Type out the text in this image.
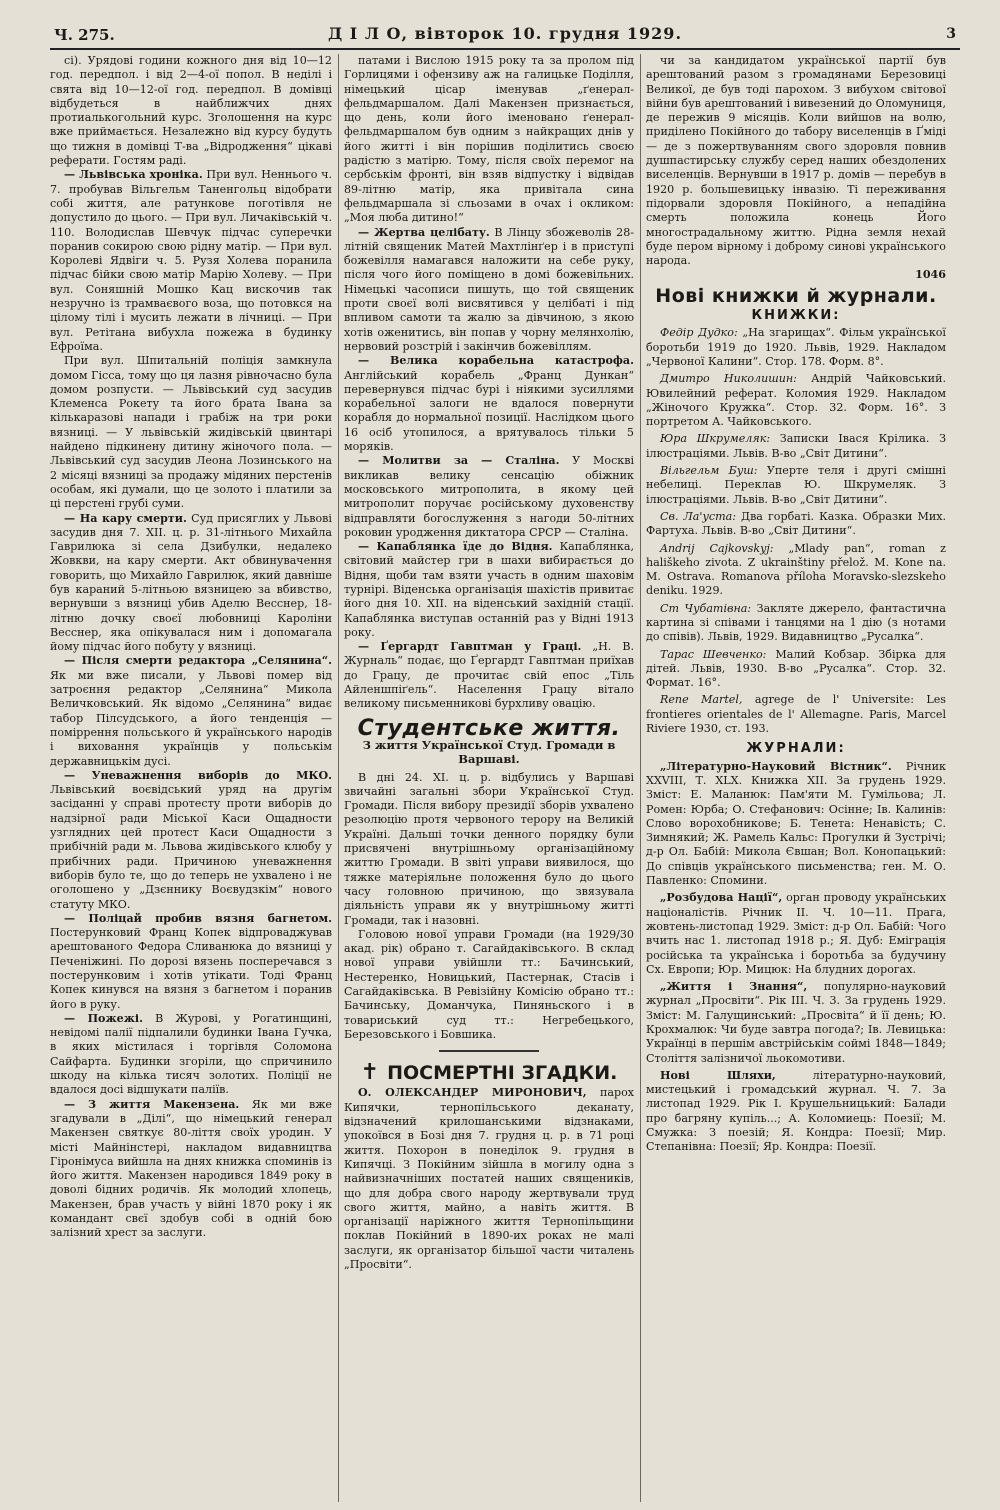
Ч. 275.	Д І Л О, вівторок 10. грудня 1929.	3

сі). Урядові години кожного дня від 10—12 год. передпол. і від 2—4-ої попол. В неділі і свята від 10—12-ої год. передпол. В домівці відбудеться в найближчих днях протиалькогольний курс. Зголошення на курс вже приймається. Незалежно від курсу будуть що тижня в домівці Т-ва „Відродження“ цікаві реферати. Гостям раді.

— Львівська хроніка. При вул. Неннього ч. 7. пробував Вільгельм Таненгольц відобрати собі життя, але ратункове поготівля не допустило до цього. — При вул. Личаківській ч. 110. Володислав Шевчук підчас суперечки поранив сокирою свою рідну матір. — При вул. Королеві Ядвіги ч. 5. Рузя Холева поранила підчас бійки свою матір Марію Холеву. — При вул. Соняшній Мошко Кац вискочив так незручно із трамваєвого воза, що потовкся на цілому тілі і мусить лежати в лічниці. — При вул. Ретітана вибухла пожежа в будинку Ефроїма.

При вул. Шпитальній поліція замкнула домом Гісса, тому що ця лазня рівночасно була домом розпусти. — Львівський суд засудив Клеменса Рокету та його брата Івана за кількаразові напади і грабіж на три роки вязниці. — У львівській жидівській цвинтарі найдено підкинену дитину жіночого пола. — Львівський суд засудив Леона Лозинського на 2 місяці вязниці за продажу мідяних перстенів особам, які думали, що це золото і платили за ці перстені грубі суми.

— На кару смерти. Суд присяглих у Львові засудив дня 7. XII. ц. р. 31-літнього Михайла Гаврилюка зі села Дзибулки, недалеко Жовкви, на кару смерти. Акт обвинувачення говорить, що Михайло Гаврилюк, який давніше був караний 5-літньою вязницею за вбивство, вернувши з вязниці убив Аделю Весснер, 18-літню дочку своєї любовниці Кароліни Весснер, яка опікувалася ним і допомагала йому підчас його побуту у вязниці.

— Після смерти редактора „Селянина“. Як ми вже писали, у Львові помер від затроєння редактор „Селянина“ Микола Величковський. Як відомо „Селянина“ видає табор Пілсудського, а його тенденція — поміррення польського й українського народів і виховання українців у польськім державницькім дусі.

— Уневажнення виборів до МКО. Львівський воєвідський уряд на другім засіданні у справі протесту проти виборів до надзірної ради Міської Каси Ощадности узглядних цей протест Каси Ощадности з прибічній ради м. Львова жидівського клюбу у прибічних ради. Причиною уневажнення виборів було те, що до теперь не ухвалено і не оголошено у „Дзєннику Воєвудзкім“ нового статуту МКО.

— Поліцай пробив вязня багнетом. Постерунковий Франц Копек відпроваджував арештованого Федора Сливанюка до вязниці у Печеніжині. По дорозі вязень посперечався з постерунковим і хотів утікати. Тоді Франц Копек кинувся на вязня з багнетом і поранив його в руку.

— Пожежі. В Журові, у Рогатинщині, невідомі палії підпалили будинки Івана Гучка, в яких містилася і торгівля Соломона Сайфарта. Будинки згоріли, що спричинило шкоду на кілька тисяч золотих. Поліції не вдалося досі відшукати паліїв.

— З життя Макензена. Як ми вже згадували в „Ділі“, що німецький генерал Макензен святкує 80-ліття своїх уродин. У місті Майнінстері, накладом видавництва Гіронімуса вийшла на днях книжка споминів із його життя. Макензен народився 1849 року в доволі бідних родичів. Як молодий хлопець, Макензен, брав участь у війні 1870 року і як командант свєї здобув собі в одній бою залізний хрест за заслуги.

патами і Вислою 1915 року та за пролом під Горлицями і офензиву аж на галицьке Поділля, німецький цісар іменував „ґенерал-фельдмаршалом. Далі Макензен признається, що день, коли його іменовано ґенерал-фельдмаршалом був одним з найкращих днів у його житті і він порішив поділитись своєю радістю з матірю. Тому, після своїх перемог на сербськім фронті, він взяв відпустку і відвідав 89-літню матір, яка привітала сина фельдмаршала зі сльозами в очах і окликом: „Моя люба дитино!“

— Жертва целібату. В Лінцу збожеволів 28-літній священик Матей Махтлінґер і в приступі божевілля намагався наложити на себе руку, після чого його поміщено в домі божевільних. Німецькі часописи пишуть, що той священик проти своєї волі висвятився у целібаті і під впливом самоти та жалю за дівчиною, з якою хотів оженитись, він попав у чорну мелянхолію, нервовий розстрій і закінчив божевіллям.

— Велика корабельна катастрофа. Англійський корабель „Франц Дункан“ перевернувся підчас бурі і ніякими зусиллями корабельної залоги не вдалося повернути корабля до нормальної позиції. Наслідком цього 16 осіб утопилося, а врятувалось тільки 5 моряків.

— Молитви за — Сталіна. У Москві викликав велику сенсацію обіжник московського митрополита, в якому цей митрополит поручає російському духовенству відправляти богослуження з нагоди 50-літних роковин уродження диктатора СРСР — Сталіна.

— Капаблянка їде до Відня. Капаблянка, світовий майстер гри в шахи вибирається до Відня, щоби там взяти участь в одним шаховім турнірі. Віденська організація шахістів привитає його дня 10. XII. на віденський західній стації. Капаблянка виступав останній раз у Відні 1913 року.

— Ґергардт Гавптман у Граці. „Н. В. Журналь“ подає, що Ґергардт Гавптман приїхав до Грацу, де прочитає свій епос „Тіль Айленшпіґель“. Населення Грацу вітало великому письменникові бурхливу овацію.

Студентське життя.
З життя Української Студ. Громади в Варшаві.

В дні 24. XI. ц. р. відбулись у Варшаві звичайні загальні збори Української Студ. Громади. Після вибору президії зборів ухвалено резолюцію протя червоного терору на Великій Україні. Дальші точки денного порядку були присвячені внутрішньому організаційному життю Громади. В звіті управи виявилося, що тяжке матеріяльне положення було до цього часу головною причиною, що звязувала діяльність управи як у внутрішньому житті Громади, так і назовні.

Головою нової управи Громади (на 1929/30 акад. рік) обрано т. Сагайдаківського. В склад нової управи увійшли тт.: Бачинський, Нестеренко, Новицький, Пастернак, Стасів і Сагайдаківська. В Ревізійну Комісію обрано тт.: Бачинську, Доманчука, Пиняньского і в товариський суд тт.: Негребецького, Березовського і Бовшика.

✝ ПОСМЕРТНІ ЗГАДКИ.

О. ОЛЕКСАНДЕР МИРОНОВИЧ, парох Кипячки, тернопільського деканату, відзначений крилошанськими відзнаками, упокоївся в Бозі дня 7. грудня ц. р. в 71 році життя. Похорон в понеділок 9. грудня в Кипячці. З Покійним зійшла в могилу одна з найвизначніших постатей наших священиків, що для добра свого народу жертвували труд свого життя, майно, а навіть життя. В організації наріжного життя Тернопільщини поклав Покійний в 1890-их роках не малі заслуги, як організатор більшої части читалень „Просвіти“.

чи за кандидатом української партії був арештований разом з громадянами Березовиці Великої, де був тоді парохом. З вибухом світової війни був арештований і вивезений до Оломуниця, де пережив 9 місяців. Коли вийшов на волю, приділено Покійного до табору виселенців в Ґміді — де з пожертвуванням свого здоровля повнив душпастирську службу серед наших обездолених виселенців. Вернувши в 1917 р. домів — перебув в 1920 р. большевицьку інвазію. Ті переживання підорвали здоровля Покійного, а непадійна смерть положила конець Його многострадальному життю. Рідна земля нехай буде пером вірному і доброму синові українського народа.

1046
Нові книжки й журнали.
КНИЖКИ:

Федір Дудко: „На згарищах“. Фільм української боротьби 1919 до 1920. Львів, 1929. Накладом „Червоної Калини“. Стор. 178. Форм. 8°.

Дмитро Николишин: Андрій Чайковський. Ювилейний реферат. Коломия 1929. Накладом „Жіночого Кружка“. Стор. 32. Форм. 16°. З портретом А. Чайковського.

Юра Шкрумеляк: Записки Івася Крілика. З ілюстраціями. Львів. В-во „Світ Дитини“.

Вільгельм Буш: Уперте теля і другі смішні небелиці. Переклав Ю. Шкрумеляк. З ілюстраціями. Львів. В-во „Світ Дитини“.

Св. Ла'уста: Два горбаті. Казка. Образки Мих. Фартуха. Львів. В-во „Світ Дитини“.

Andrij Cajkovskyj: „Mlady pan“, roman z hališkeho zivota. Z ukrainštiny přelož. M. Kone na. M. Ostrava. Romanova příloha Moravsko-slezskeho deniku. 1929.

Ст Чубатівна: Закляте джерело, фантастична картина зі співами і танцями на 1 дію (з нотами до співів). Львів, 1929. Видавництво „Русалка“.

Тарас Шевченко: Малий Кобзар. Збірка для дітей. Львів, 1930. В-во „Русалка“. Стор. 32. Формат. 16°.

Rene Martel, agrege de l' Universite: Les frontieres orientales de l' Allemagne. Paris, Marcel Riviere 1930, ст. 193.

ЖУРНАЛИ:

„Літературно-Науковий Вістник“. Річник XXVIII, Т. XLX. Книжка XII. За грудень 1929. Зміст: Е. Маланюк: Пам'яти М. Гумільова; Л. Ромен: Юрба; О. Стефанович: Осінне; Ів. Калинів: Слово ворохобникове; Б. Тенета: Ненавість; С. Зимнякий; Ж. Рамель Кальс: Прогулки й Зустрічі; д-р Ол. Бабій: Микола Євшан; Вол. Конопацький: До співців українського письменства; ген. М. О. Павленко: Спомини.

„Розбудова Нації“, орган проводу українських націоналістів. Річник II. Ч. 10—11. Прага, жовтень-листопад 1929. Зміст: д-р Ол. Бабій: Чого вчить нас 1. листопад 1918 р.; Я. Дуб: Еміграція російська та українська і боротьба за будучину Сх. Европи; Юр. Мицюк: На блудних дорогах.

„Життя і Знання“, популярно-науковий журнал „Просвіти“. Рік III. Ч. 3. За грудень 1929. Зміст: М. Галущинський: „Просвіта“ й її день; Ю. Крохмалюк: Чи буде завтра погода?; Ів. Левицька: Українці в першім австрійськім соймі 1848—1849; Століття залізничої льокомотиви.

Нові Шляхи, літературно-науковий, мистецький і громадський журнал. Ч. 7. За листопад 1929. Рік I. Крушельницький: Балади про багряну купіль...; А. Коломиець: Поезії; М. Смужка: З поезій; Я. Кондра: Поезії; Мир. Степанівна: Поезії; Яр. Кондра: Поезії.
